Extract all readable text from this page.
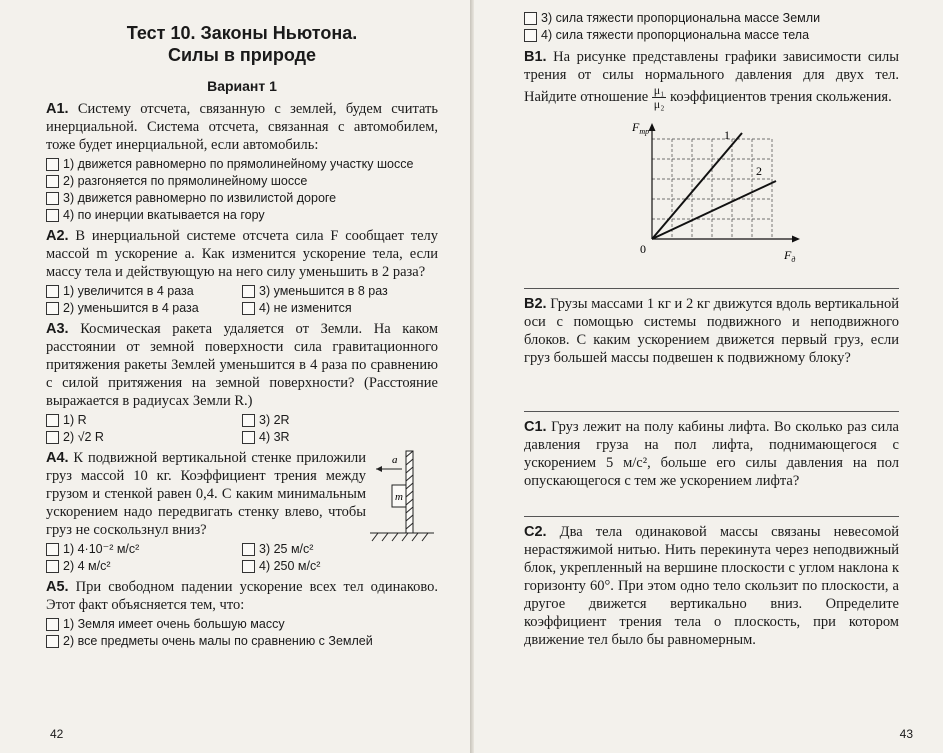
Тест 10. Законы Ньютона.
Силы в природе

Вариант 1

А1. Систему отсчета, связанную с землей, будем считать инерциальной. Система отсчета, связанная с автомобилем, тоже будет инерциальной, если автомобиль:

1) движется равномерно по прямолинейному участку шоссе
2) разгоняется по прямолинейному шоссе
3) движется равномерно по извилистой дороге
4) по инерции вкатывается на гору

А2. В инерциальной системе отсчета сила F сообщает телу массой m ускорение a. Как изменится ускорение тела, если массу тела и действующую на него силу уменьшить в 2 раза?

1) увеличится в 4 раза	3) уменьшится в 8 раз
2) уменьшится в 4 раза	4) не изменится

А3. Космическая ракета удаляется от Земли. На каком расстоянии от земной поверхности сила гравитационного притяжения ракеты Землей уменьшится в 4 раза по сравнению с силой притяжения на земной поверхности? (Расстояние выражается в радиусах Земли R.)

1) R	3) 2R
2) √2 R	4) 3R

А4. К подвижной вертикальной стенке приложили груз массой 10 кг. Коэффициент трения между грузом и стенкой равен 0,4. С каким минимальным ускорением надо передвигать стенку влево, чтобы груз не соскользнул вниз?

a
m
1) 4·10⁻² м/с²	3) 25 м/с²
2) 4 м/с²	4) 250 м/с²

А5. При свободном падении ускорение всех тел одинаково. Этот факт объясняется тем, что:

1) Земля имеет очень большую массу
2) все предметы очень малы по сравнению с Землей
42
3) сила тяжести пропорциональна массе Земли
4) сила тяжести пропорциональна массе тела

В1. На рисунке представлены графики зависимости силы трения от силы нормального давления для двух тел. Найдите отношение $\frac{\text{μ₁}}{\text{μ₂}}$ коэффициентов трения скольжения.

1
2
0
$F_{тр}$
$F_д$

В2. Грузы массами 1 кг и 2 кг движутся вдоль вертикальной оси с помощью системы подвижного и неподвижного блоков. С каким ускорением движется первый груз, если груз большей массы подвешен к подвижному блоку?

С1. Груз лежит на полу кабины лифта. Во сколько раз сила давления груза на пол лифта, поднимающегося с ускорением 5 м/с², больше его силы давления на пол опускающегося с тем же ускорением лифта?

С2. Два тела одинаковой массы связаны невесомой нерастяжимой нитью. Нить перекинута через неподвижный блок, укрепленный на вершине плоскости с углом наклона к горизонту 60°. При этом одно тело скользит по плоскости, а другое движется вертикально вниз. Определите коэффициент трения тела о плоскость, при котором движение тел было бы равномерным.

43
